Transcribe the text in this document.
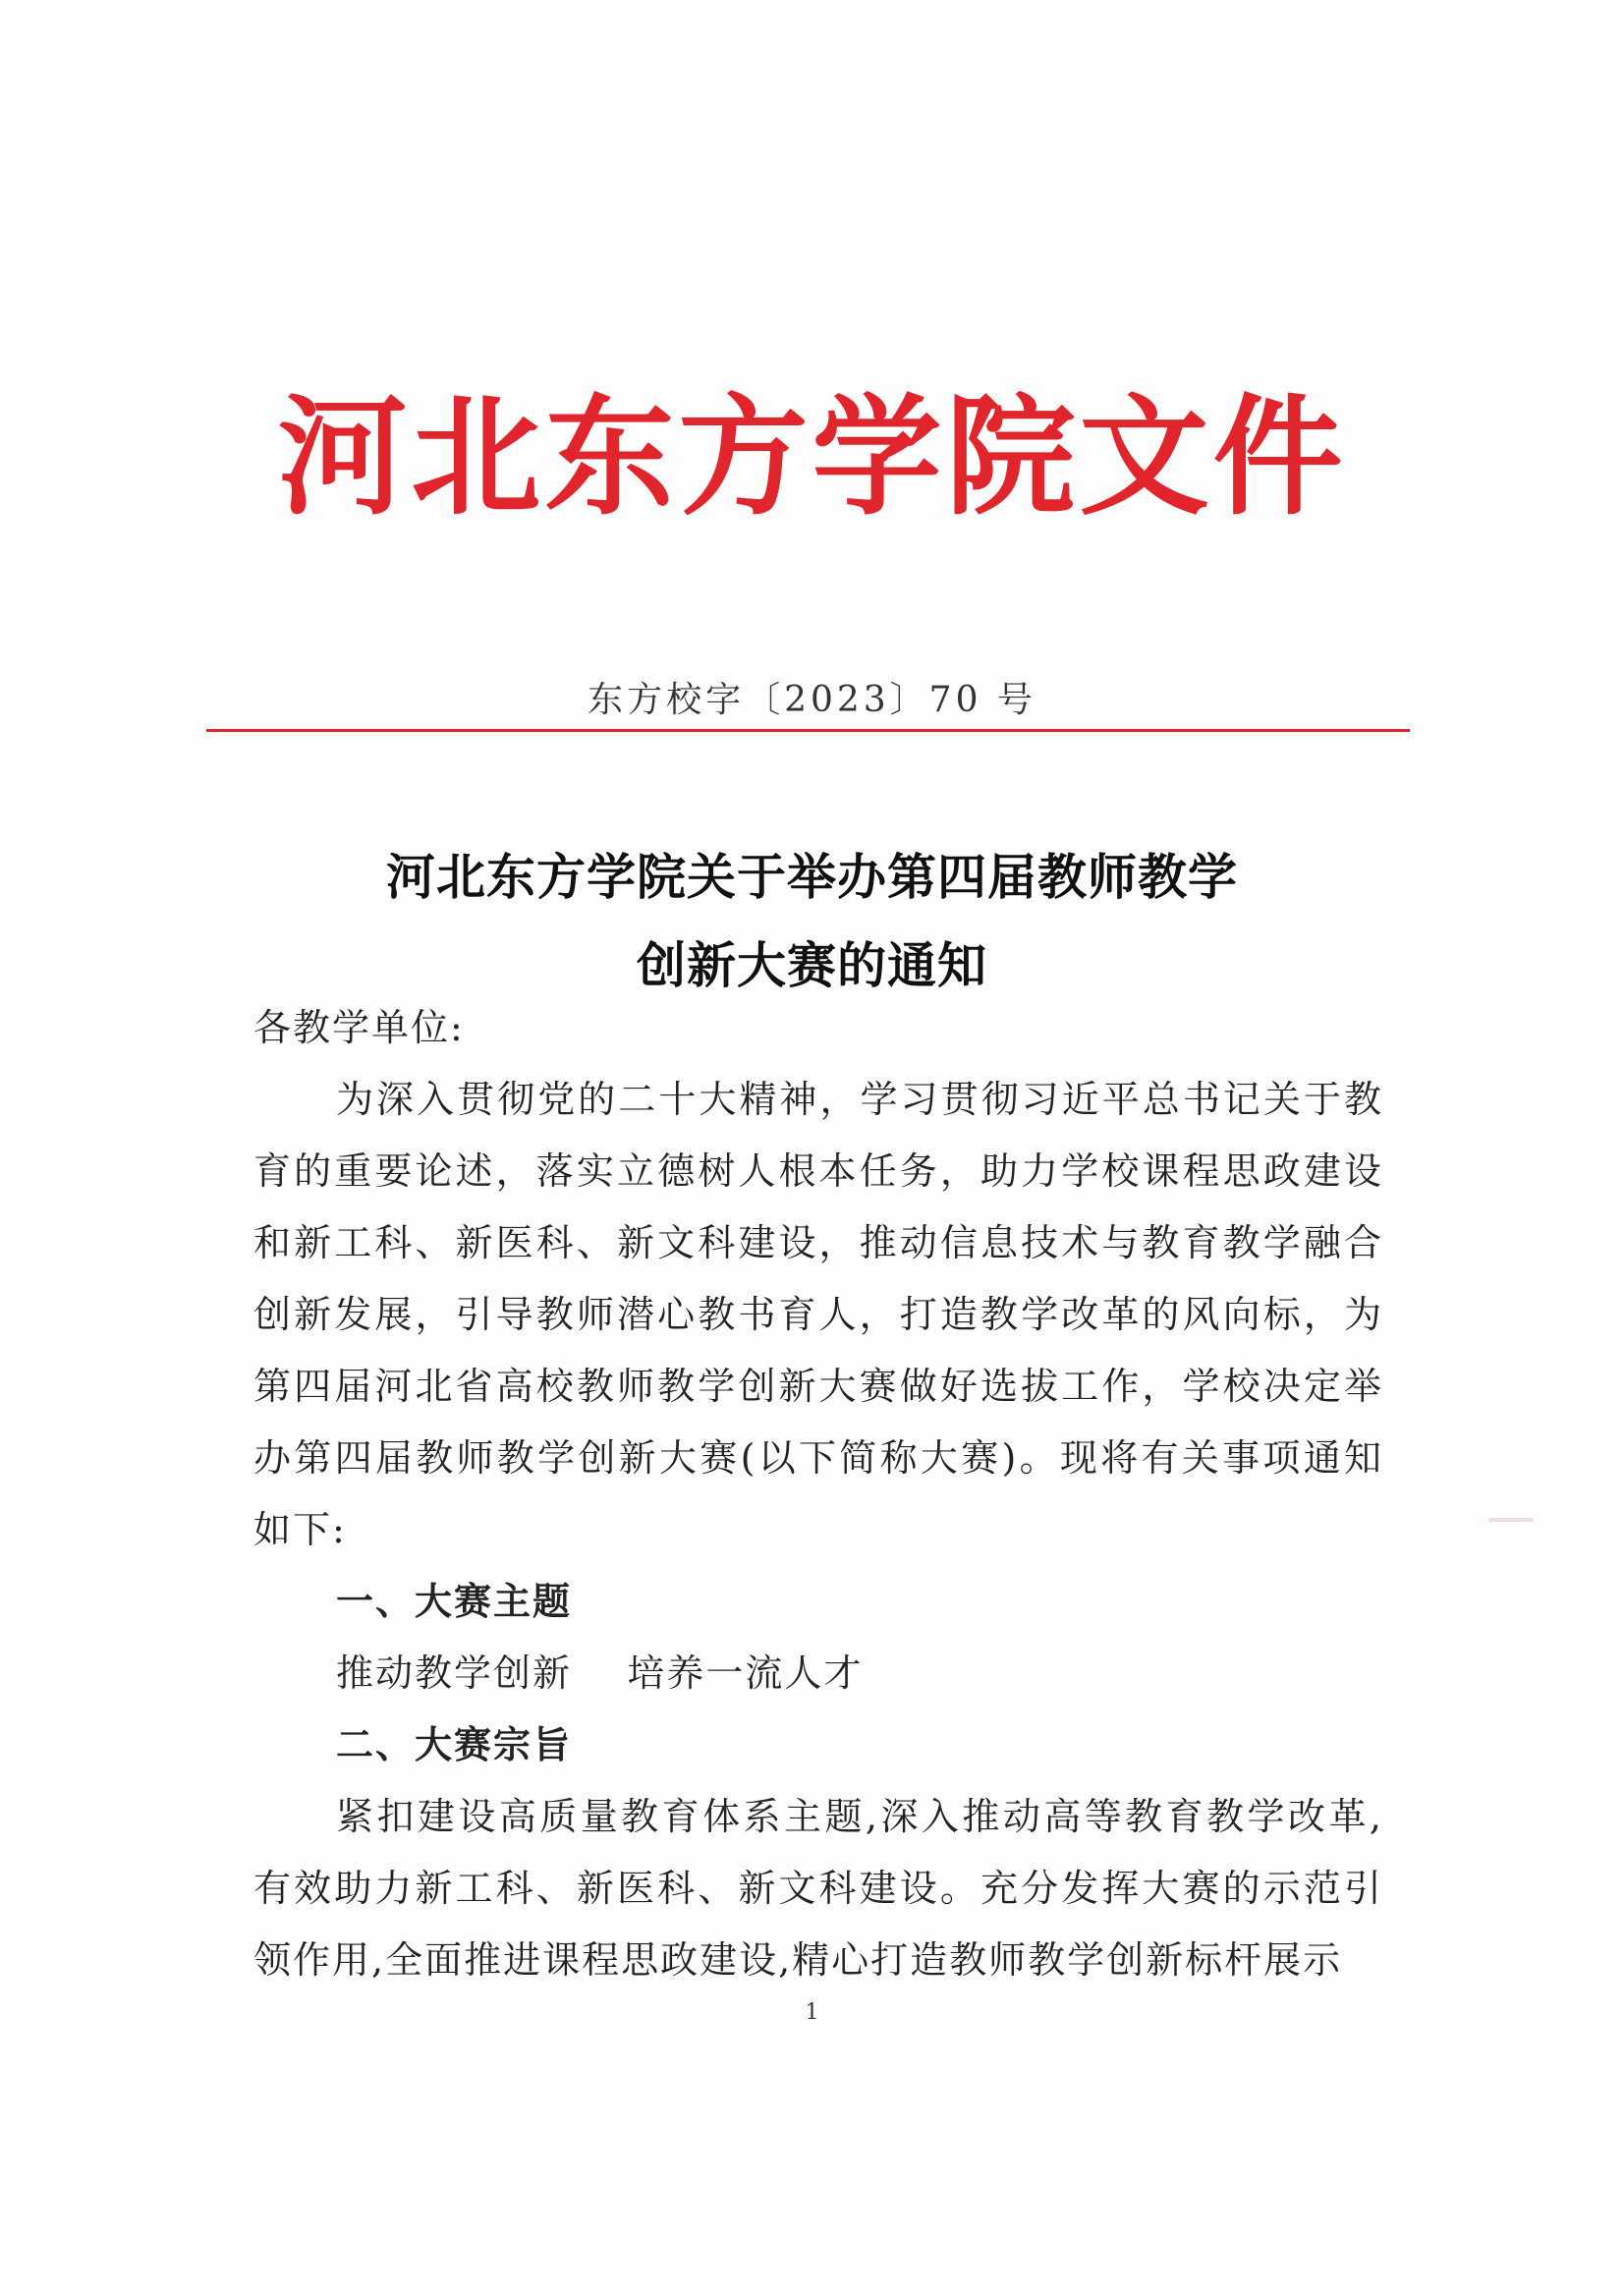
河北东方学院文件
东方校字〔2023〕70 号
河北东方学院关于举办第四届教师教学
创新大赛的通知

各教学单位:

为深入贯彻党的二十大精神，学习贯彻习近平总书记关于教育的重要论述，落实立德树人根本任务，助力学校课程思政建设和新工科、新医科、新文科建设，推动信息技术与教育教学融合创新发展，引导教师潜心教书育人，打造教学改革的风向标，为第四届河北省高校教师教学创新大赛做好选拔工作，学校决定举办第四届教师教学创新大赛(以下简称大赛)。现将有关事项通知如下:

一、大赛主题

推动教学创新    培养一流人才

二、大赛宗旨

紧扣建设高质量教育体系主题,深入推动高等教育教学改革,有效助力新工科、新医科、新文科建设。充分发挥大赛的示范引领作用,全面推进课程思政建设,精心打造教师教学创新标杆展示

1
